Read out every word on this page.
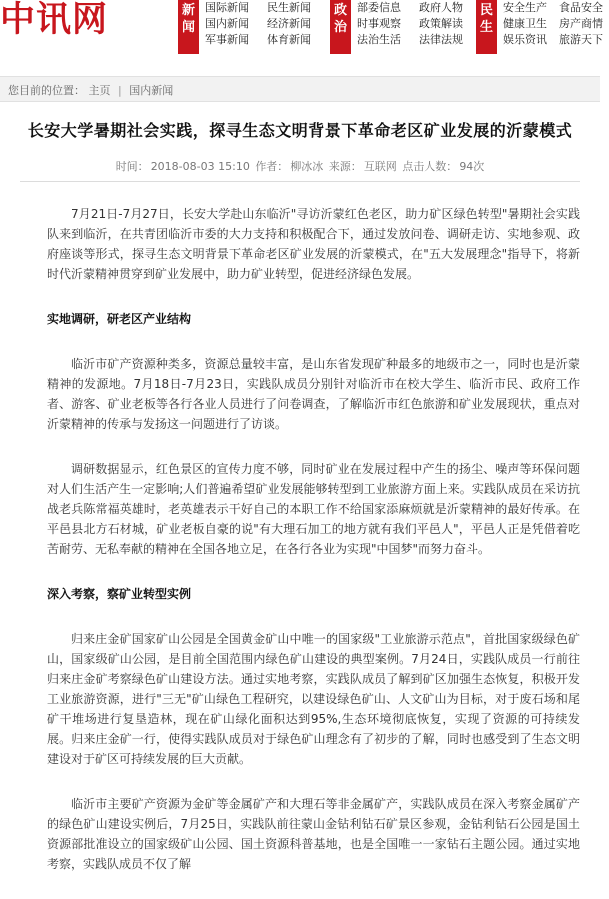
中讯网	新闻
国际新闻	民生新闻
国内新闻	经济新闻
军事新闻	体育新闻
政治
部委信息	政府人物
时事观察	政策解读
法治生活	法律法规
民生
安全生产	食品安全
健康卫生	房产商情
娱乐资讯	旅游天下
您目前的位置： 主页 | 国内新闻
长安大学暑期社会实践，探寻生态文明背景下革命老区矿业发展的沂蒙模式
时间： 2018-08-03 15:10 作者： 柳冰冰 来源： 互联网 点击人数： 94次

7月21日-7月27日，长安大学赴山东临沂"寻访沂蒙红色老区，助力矿区绿色转型"暑期社会实践队来到临沂，在共青团临沂市委的大力支持和积极配合下，通过发放问卷、调研走访、实地参观、政府座谈等形式，探寻生态文明背景下革命老区矿业发展的沂蒙模式，在"五大发展理念"指导下，将新时代沂蒙精神贯穿到矿业发展中，助力矿业转型，促进经济绿色发展。

实地调研，研老区产业结构

临沂市矿产资源种类多，资源总量较丰富，是山东省发现矿种最多的地级市之一，同时也是沂蒙精神的发源地。7月18日-7月23日，实践队成员分别针对临沂市在校大学生、临沂市民、政府工作者、游客、矿业老板等各行各业人员进行了问卷调查，了解临沂市红色旅游和矿业发展现状，重点对沂蒙精神的传承与发扬这一问题进行了访谈。

调研数据显示，红色景区的宣传力度不够，同时矿业在发展过程中产生的扬尘、噪声等环保问题对人们生活产生一定影响;人们普遍希望矿业发展能够转型到工业旅游方面上来。实践队成员在采访抗战老兵陈常福英雄时，老英雄表示干好自己的本职工作不给国家添麻烦就是沂蒙精神的最好传承。在平邑县北方石材城，矿业老板自豪的说"有大理石加工的地方就有我们平邑人"，平邑人正是凭借着吃苦耐劳、无私奉献的精神在全国各地立足，在各行各业为实现"中国梦"而努力奋斗。

深入考察，察矿业转型实例

归来庄金矿国家矿山公园是全国黄金矿山中唯一的国家级"工业旅游示范点"，首批国家级绿色矿山，国家级矿山公园，是目前全国范围内绿色矿山建设的典型案例。7月24日，实践队成员一行前往归来庄金矿考察绿色矿山建设方法。通过实地考察，实践队成员了解到矿区加强生态恢复，积极开发工业旅游资源，进行"三无"矿山绿色工程研究，以建设绿色矿山、人文矿山为目标，对于废石场和尾矿干堆场进行复垦造林，现在矿山绿化面积达到95%,生态环境彻底恢复，实现了资源的可持续发展。归来庄金矿一行，使得实践队成员对于绿色矿山理念有了初步的了解，同时也感受到了生态文明建设对于矿区可持续发展的巨大贡献。

临沂市主要矿产资源为金矿等金属矿产和大理石等非金属矿产，实践队成员在深入考察金属矿产的绿色矿山建设实例后，7月25日，实践队前往蒙山金钻利钻石矿景区参观，金钻利钻石公园是国土资源部批准设立的国家级矿山公园、国土资源科普基地，也是全国唯一一家钻石主题公园。通过实地考察，实践队成员不仅了解
